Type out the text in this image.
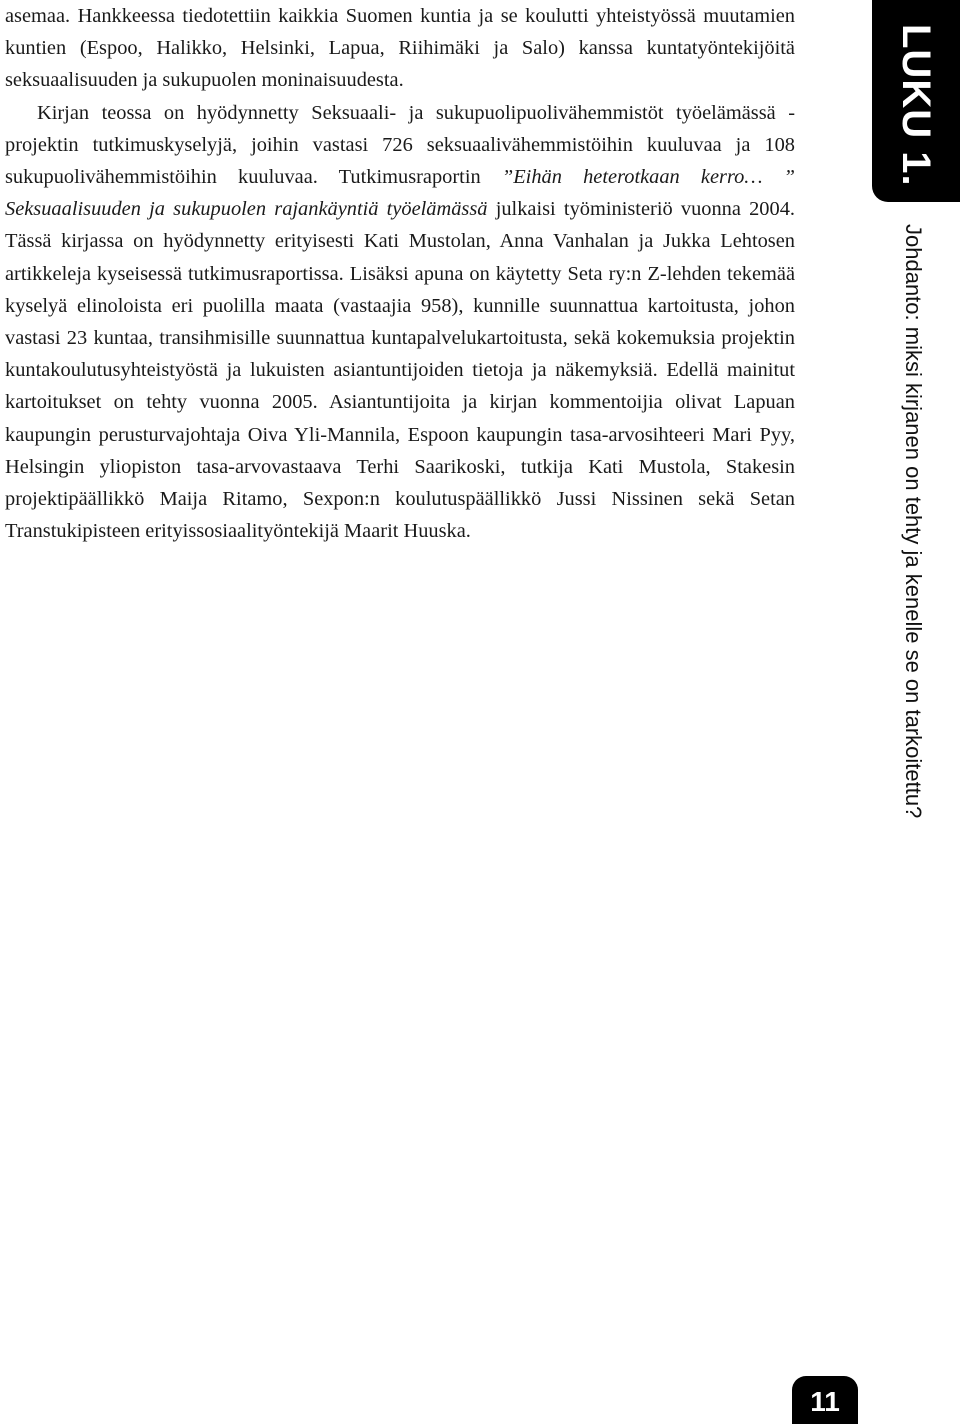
asemaa. Hankkeessa tiedotettiin kaikkia Suomen kuntia ja se koulutti yhteistyössä muutamien kuntien (Espoo, Halikko, Helsinki, Lapua, Riihimäki ja Salo) kanssa kuntatyöntekijöitä seksuaalisuuden ja sukupuolen moninaisuudesta.

Kirjan teossa on hyödynnetty Seksuaali- ja sukupuolipuolivähemmistöt työelämässä - projektin tutkimuskyselyjä, joihin vastasi 726 seksuaalivähemmistöihin kuuluvaa ja 108 sukupuolivähemmistöihin kuuluvaa. Tutkimusraportin ”Eihän heterotkaan kerro… ” Seksuaalisuuden ja sukupuolen rajankäyntiä työelämässä julkaisi työministeriö vuonna 2004. Tässä kirjassa on hyödynnetty erityisesti Kati Mustolan, Anna Vanhalan ja Jukka Lehtosen artikkeleja kyseisessä tutkimusraportissa. Lisäksi apuna on käytetty Seta ry:n Z-lehden tekemää kyselyä elinoloista eri puolilla maata (vastaajia 958), kunnille suunnattua kartoitusta, johon vastasi 23 kuntaa, transihmisille suunnattua kuntapalvelukartoitusta, sekä kokemuksia projektin kuntakoulutusyhteistyöstä ja lukuisten asiantuntijoiden tietoja ja näkemyksiä. Edellä mainitut kartoitukset on tehty vuonna 2005. Asiantuntijoita ja kirjan kommentoijia olivat Lapuan kaupungin perusturvajohtaja Oiva Yli-Mannila, Espoon kaupungin tasa-arvosihteeri Mari Pyy, Helsingin yliopiston tasa-arvovastaava Terhi Saarikoski, tutkija Kati Mustola, Stakesin projektipäällikkö Maija Ritamo, Sexpon:n koulutuspäällikkö Jussi Nissinen sekä Setan Transtukipisteen erityissosiaalityöntekijä Maarit Huuska.

LUKU 1.
Johdanto: miksi kirjanen on tehty ja kenelle se on tarkoitettu?
11
